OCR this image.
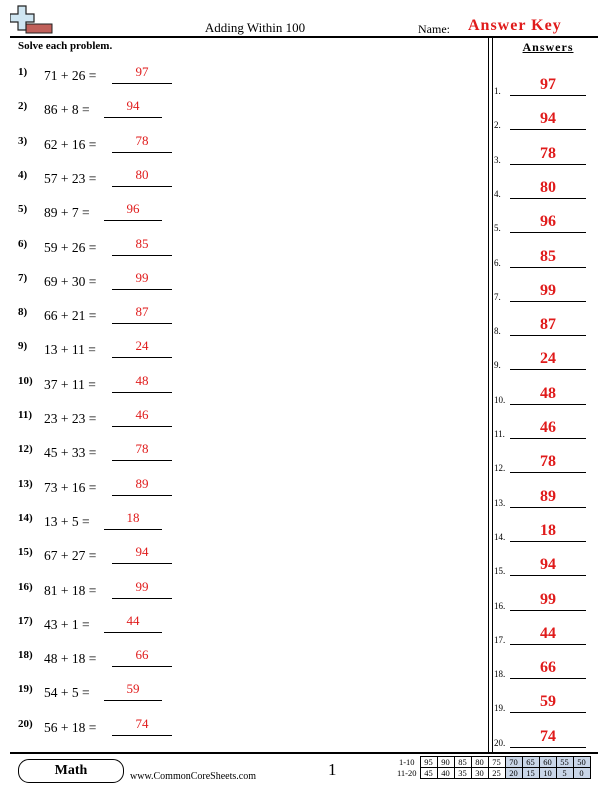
Adding Within 100	Name: Answer Key
Solve each problem.
1) 71 + 26 =	97
2) 86 + 8 =	94
3) 62 + 16 =	78
4) 57 + 23 =	80
5) 89 + 7 =	96
6) 59 + 26 =	85
7) 69 + 30 =	99
8) 66 + 21 =	87
9) 13 + 11 =	24
10) 37 + 11 =	48
11) 23 + 23 =	46
12) 45 + 33 =	78
13) 73 + 16 =	89
14) 13 + 5 =	18
15) 67 + 27 =	94
16) 81 + 18 =	99
17) 43 + 1 =	44
18) 48 + 18 =	66
19) 54 + 5 =	59
20) 56 + 18 =	74
Answers
1.	97
2.	94
3.	78
4.	80
5.	96
6.	85
7.	99
8.	87
9.	24
10.	48
11.	46
12.	78
13.	89
14.	18
15.	94
16.	99
17.	44
18.	66
19.	59
20.	74
Math	www.CommonCoreSheets.com	1	1-10	95	90	85	80	75	70	65	60	55	50
11-20	45	40	35	30	25	20	15	10	5	0
